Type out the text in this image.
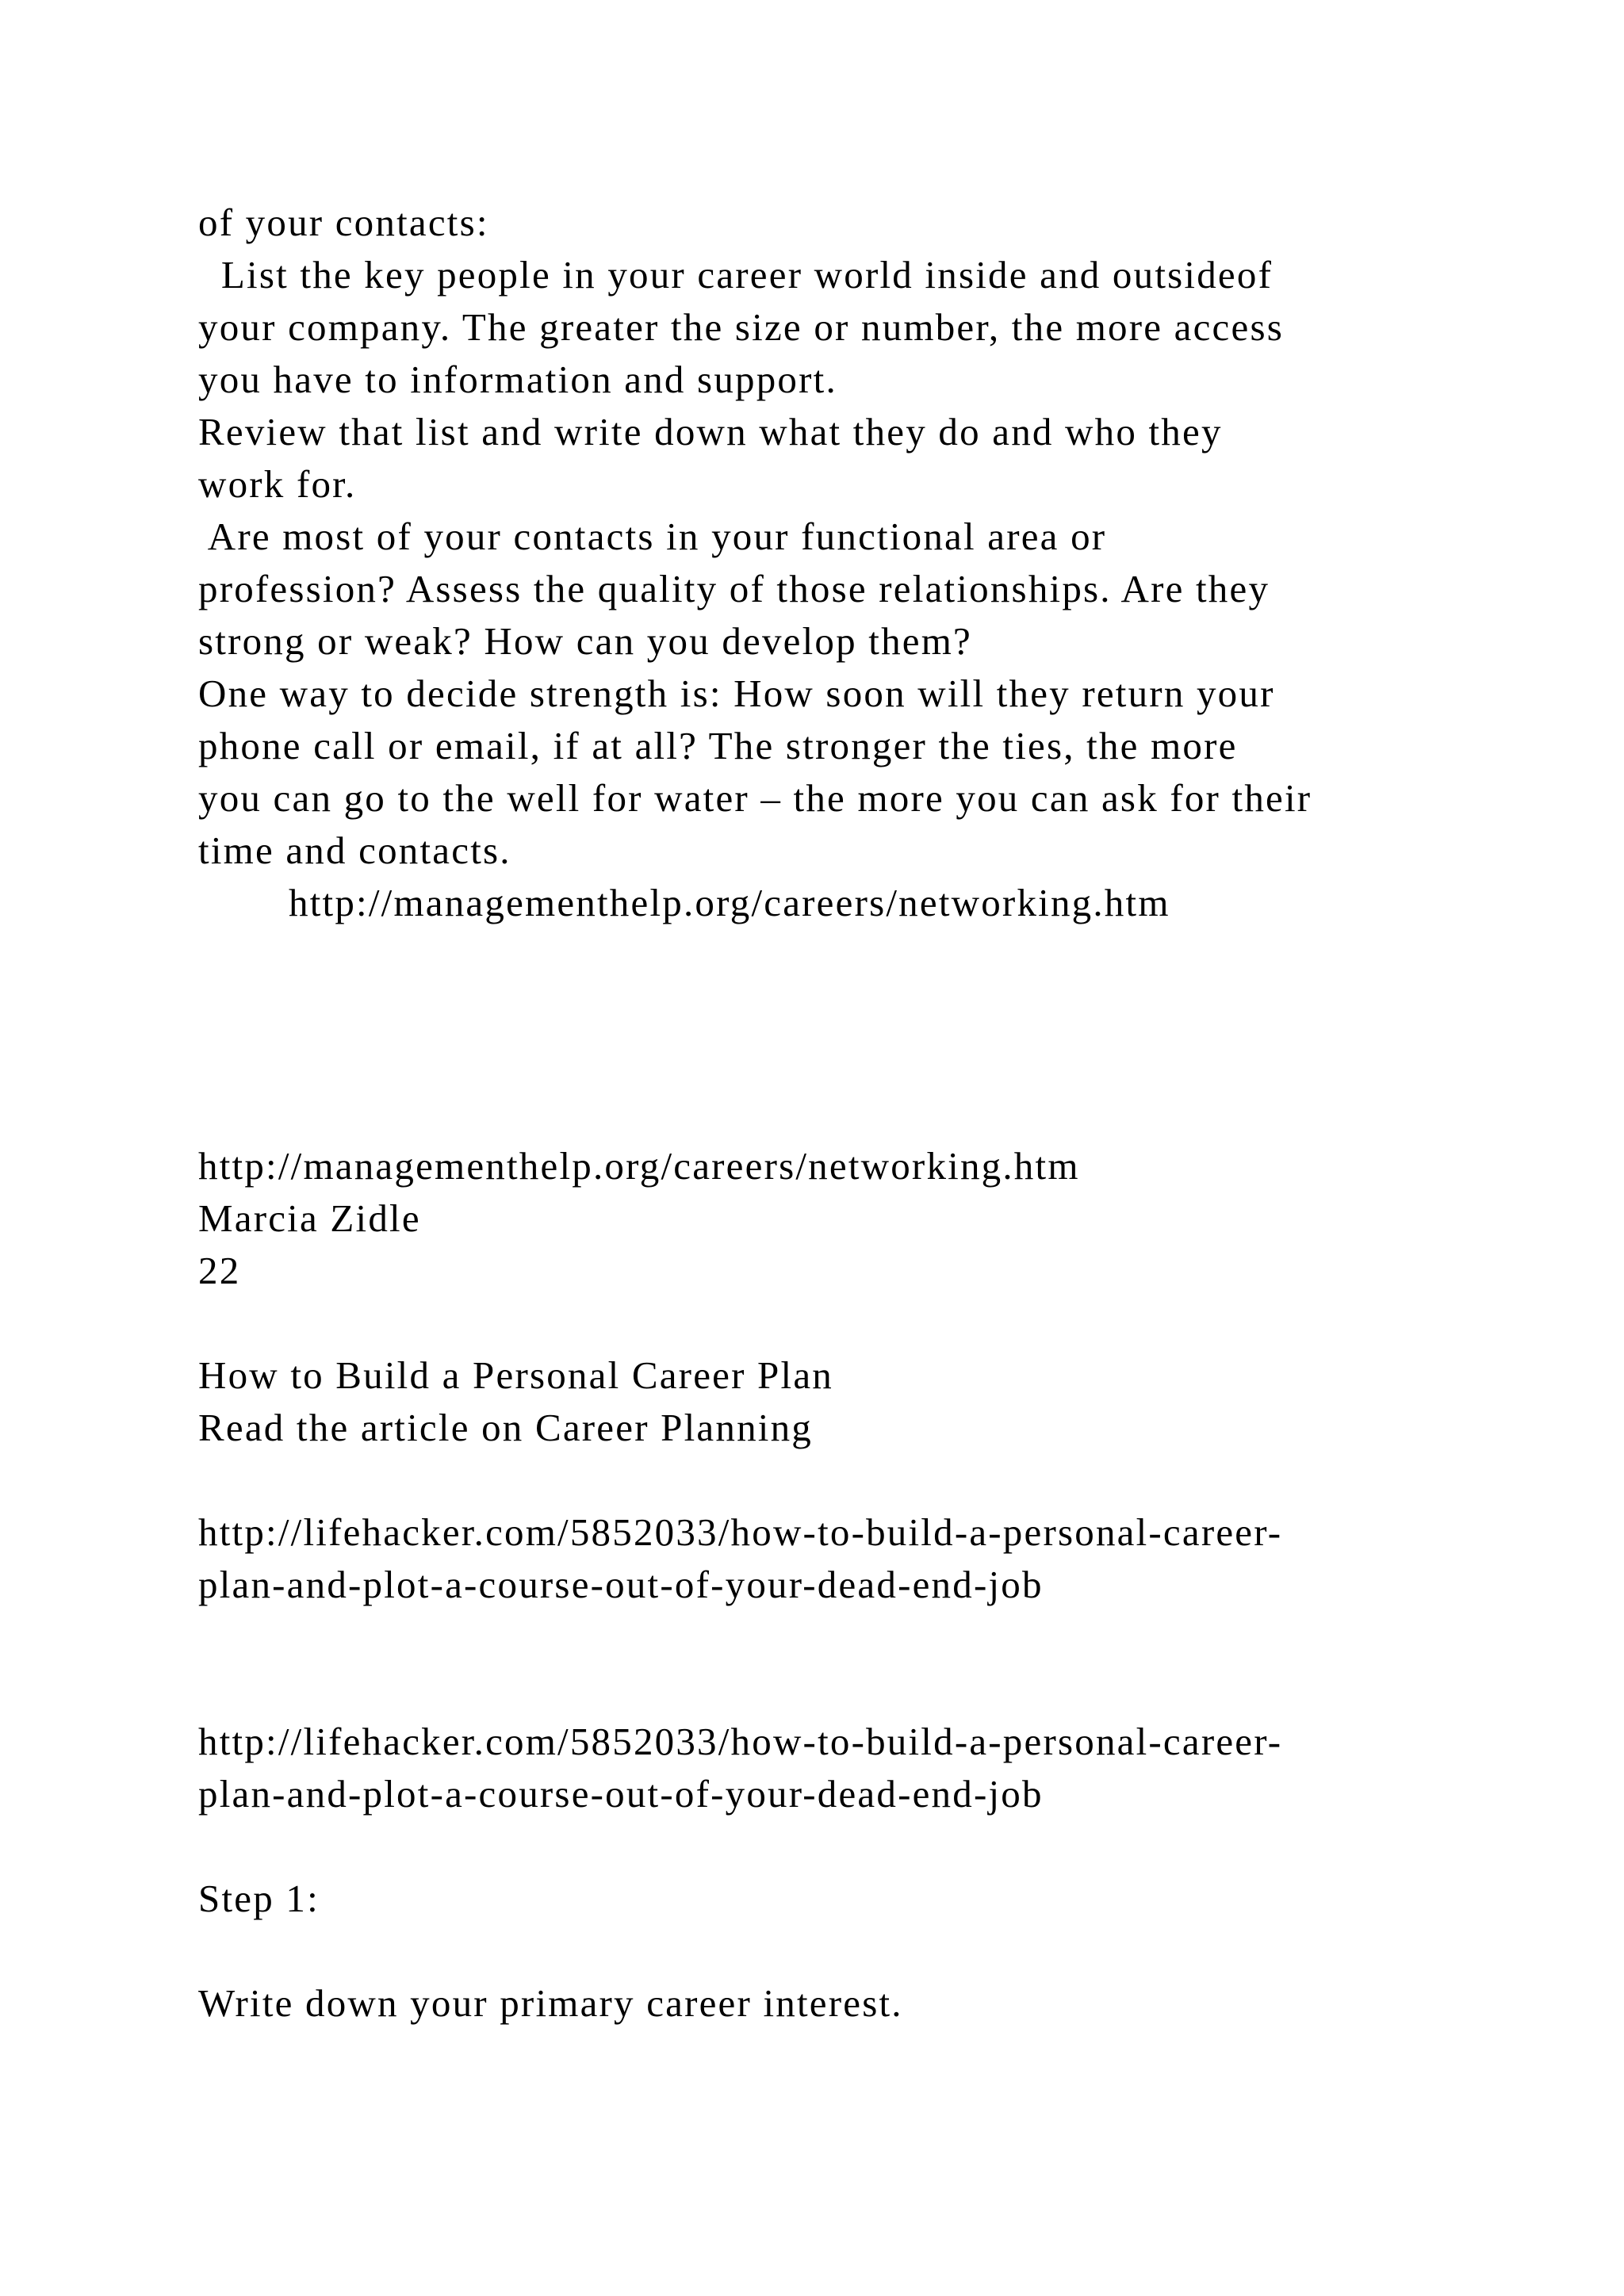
of your contacts:

List the key people in your career world inside and outsideof

your company. The greater the size or number, the more access

you have to information and support.

Review that list and write down what they do and who they

work for.

Are most of your contacts in your functional area or

profession? Assess the quality of those relationships. Are they

strong or weak? How can you develop them?

One way to decide strength is: How soon will they return your

phone call or email, if at all? The stronger the ties, the more

you can go to the well for water – the more you can ask for their

time and contacts.

http://managementhelp.org/careers/networking.htm

http://managementhelp.org/careers/networking.htm

Marcia Zidle

22

How to Build a Personal Career Plan

Read the article on Career Planning

http://lifehacker.com/5852033/how-to-build-a-personal-career-

plan-and-plot-a-course-out-of-your-dead-end-job

http://lifehacker.com/5852033/how-to-build-a-personal-career-

plan-and-plot-a-course-out-of-your-dead-end-job

Step 1:

Write down your primary career interest.
